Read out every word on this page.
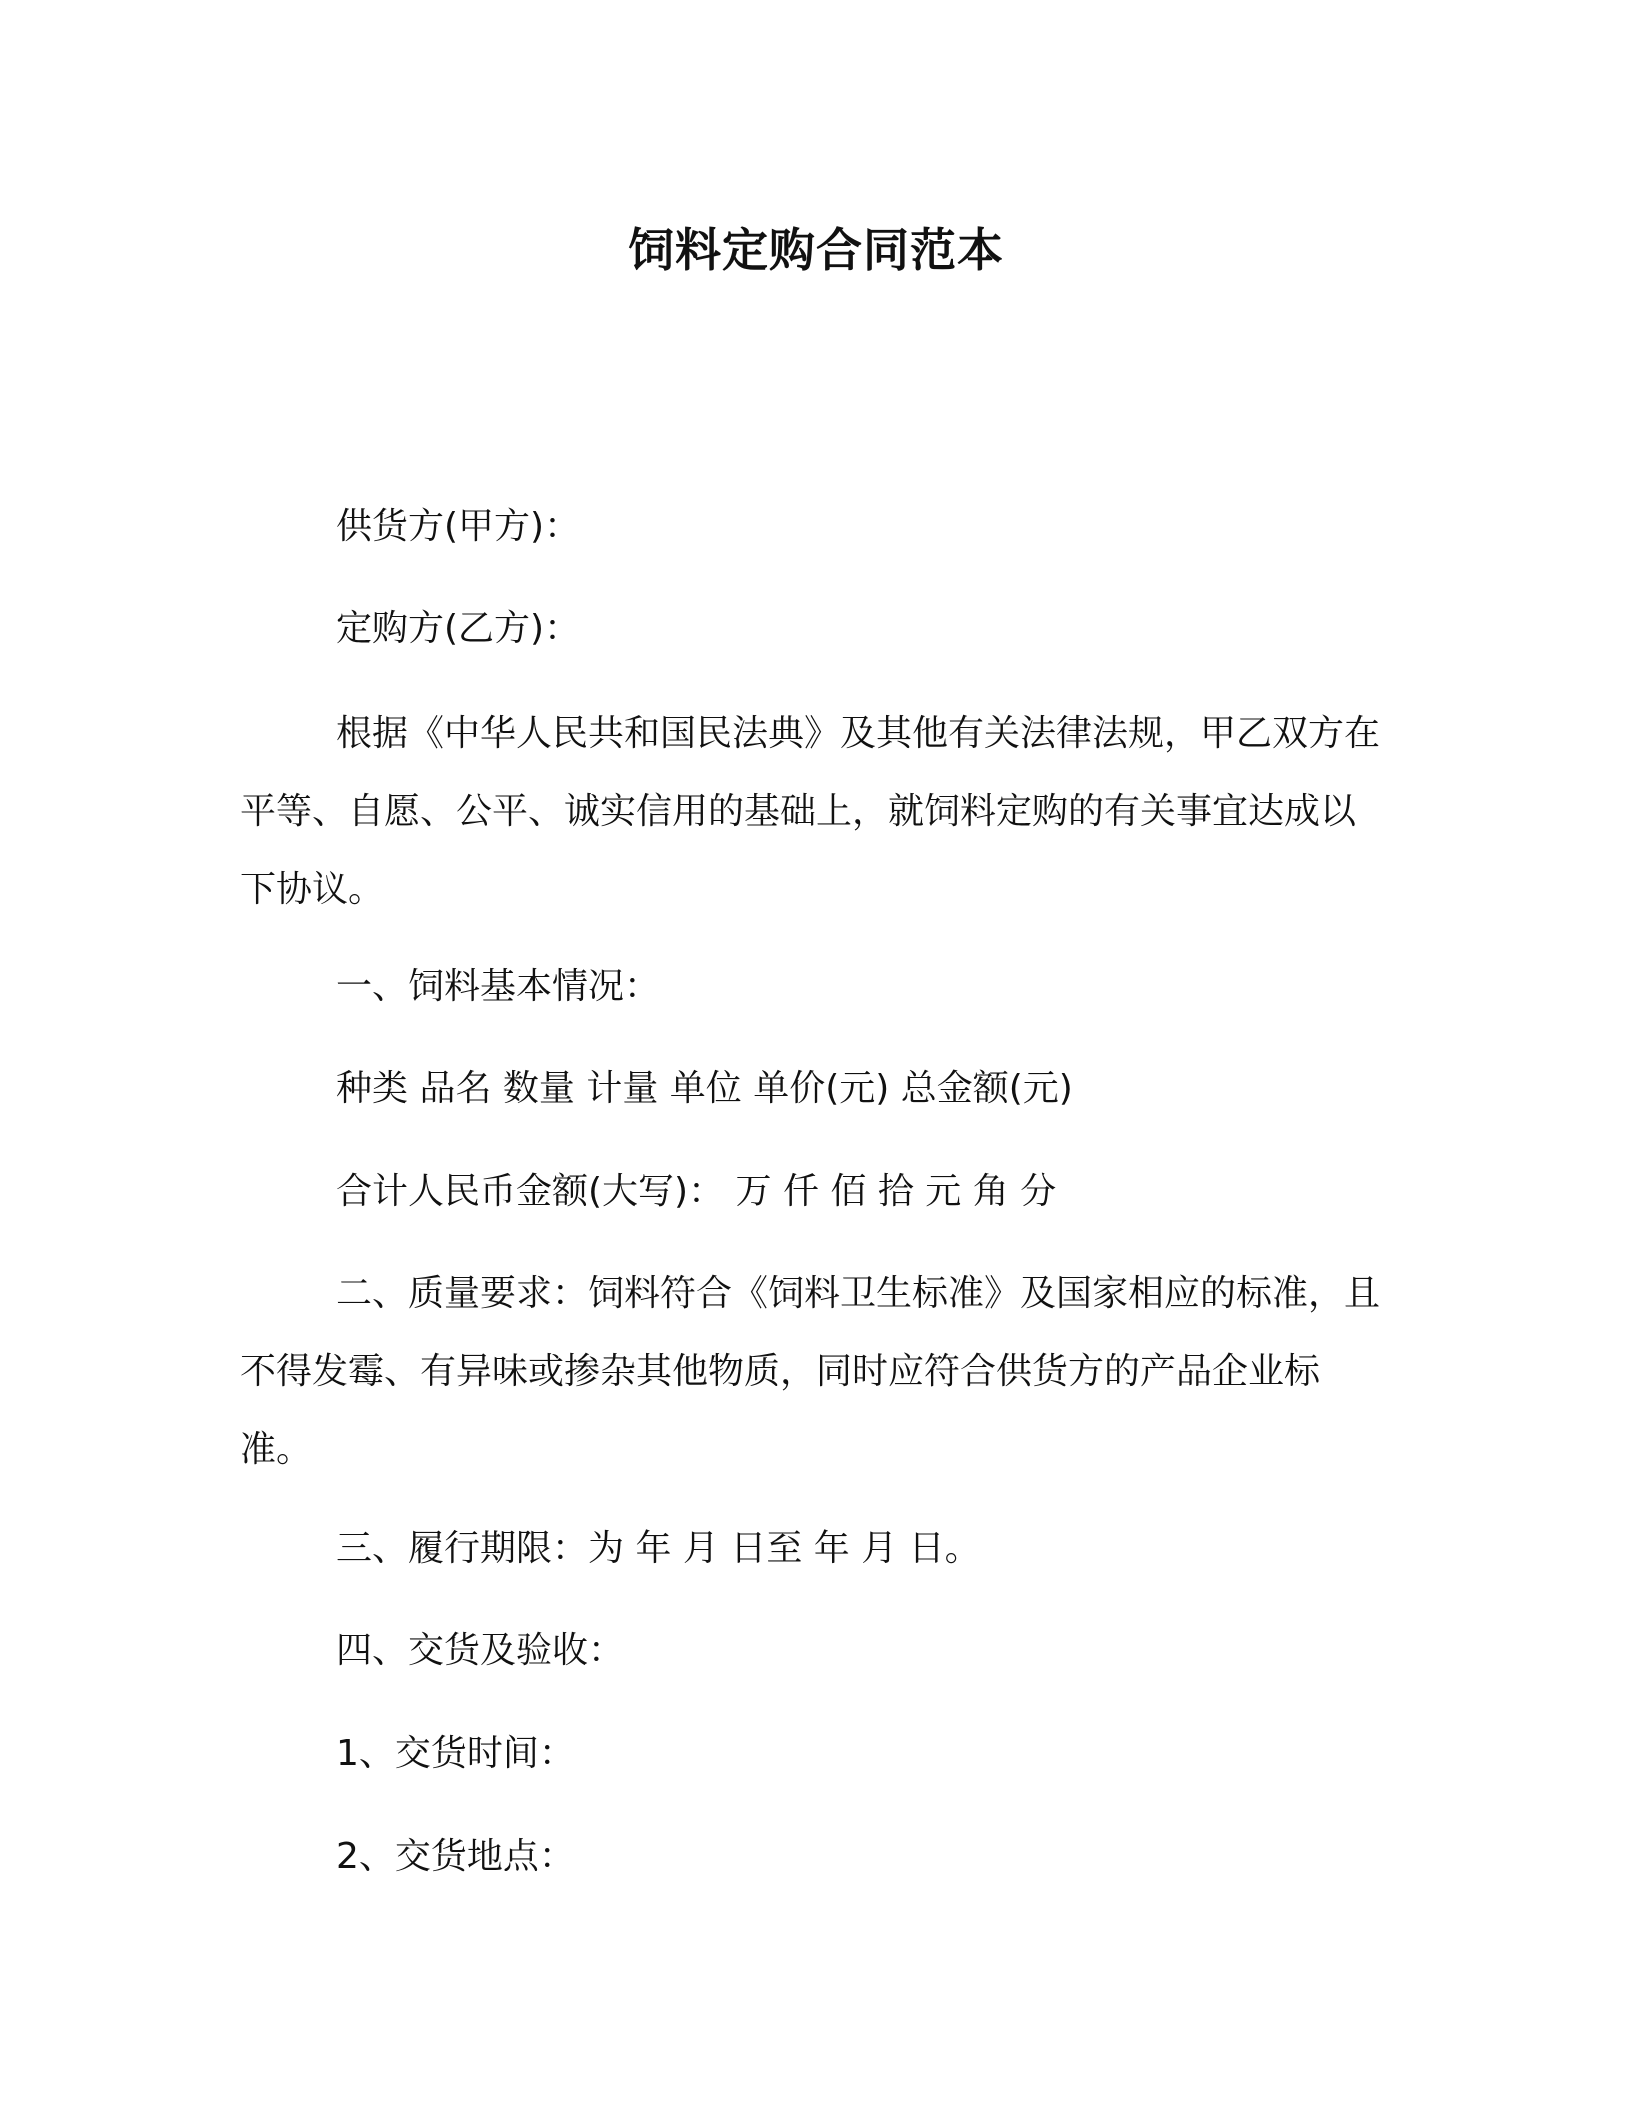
饲料定购合同范本

供货方(甲方)：

定购方(乙方)：

根据《中华人民共和国民法典》及其他有关法律法规，甲乙双方在平等、自愿、公平、诚实信用的基础上，就饲料定购的有关事宜达成以下协议。

一、饲料基本情况：

种类 品名 数量 计量 单位 单价(元) 总金额(元)

合计人民币金额(大写)： 万 仟 佰 拾 元 角 分

二、质量要求：饲料符合《饲料卫生标准》及国家相应的标准，且不得发霉、有异味或掺杂其他物质，同时应符合供货方的产品企业标准。

三、履行期限：为 年 月 日至 年 月 日。

四、交货及验收：

1、交货时间：

2、交货地点：
